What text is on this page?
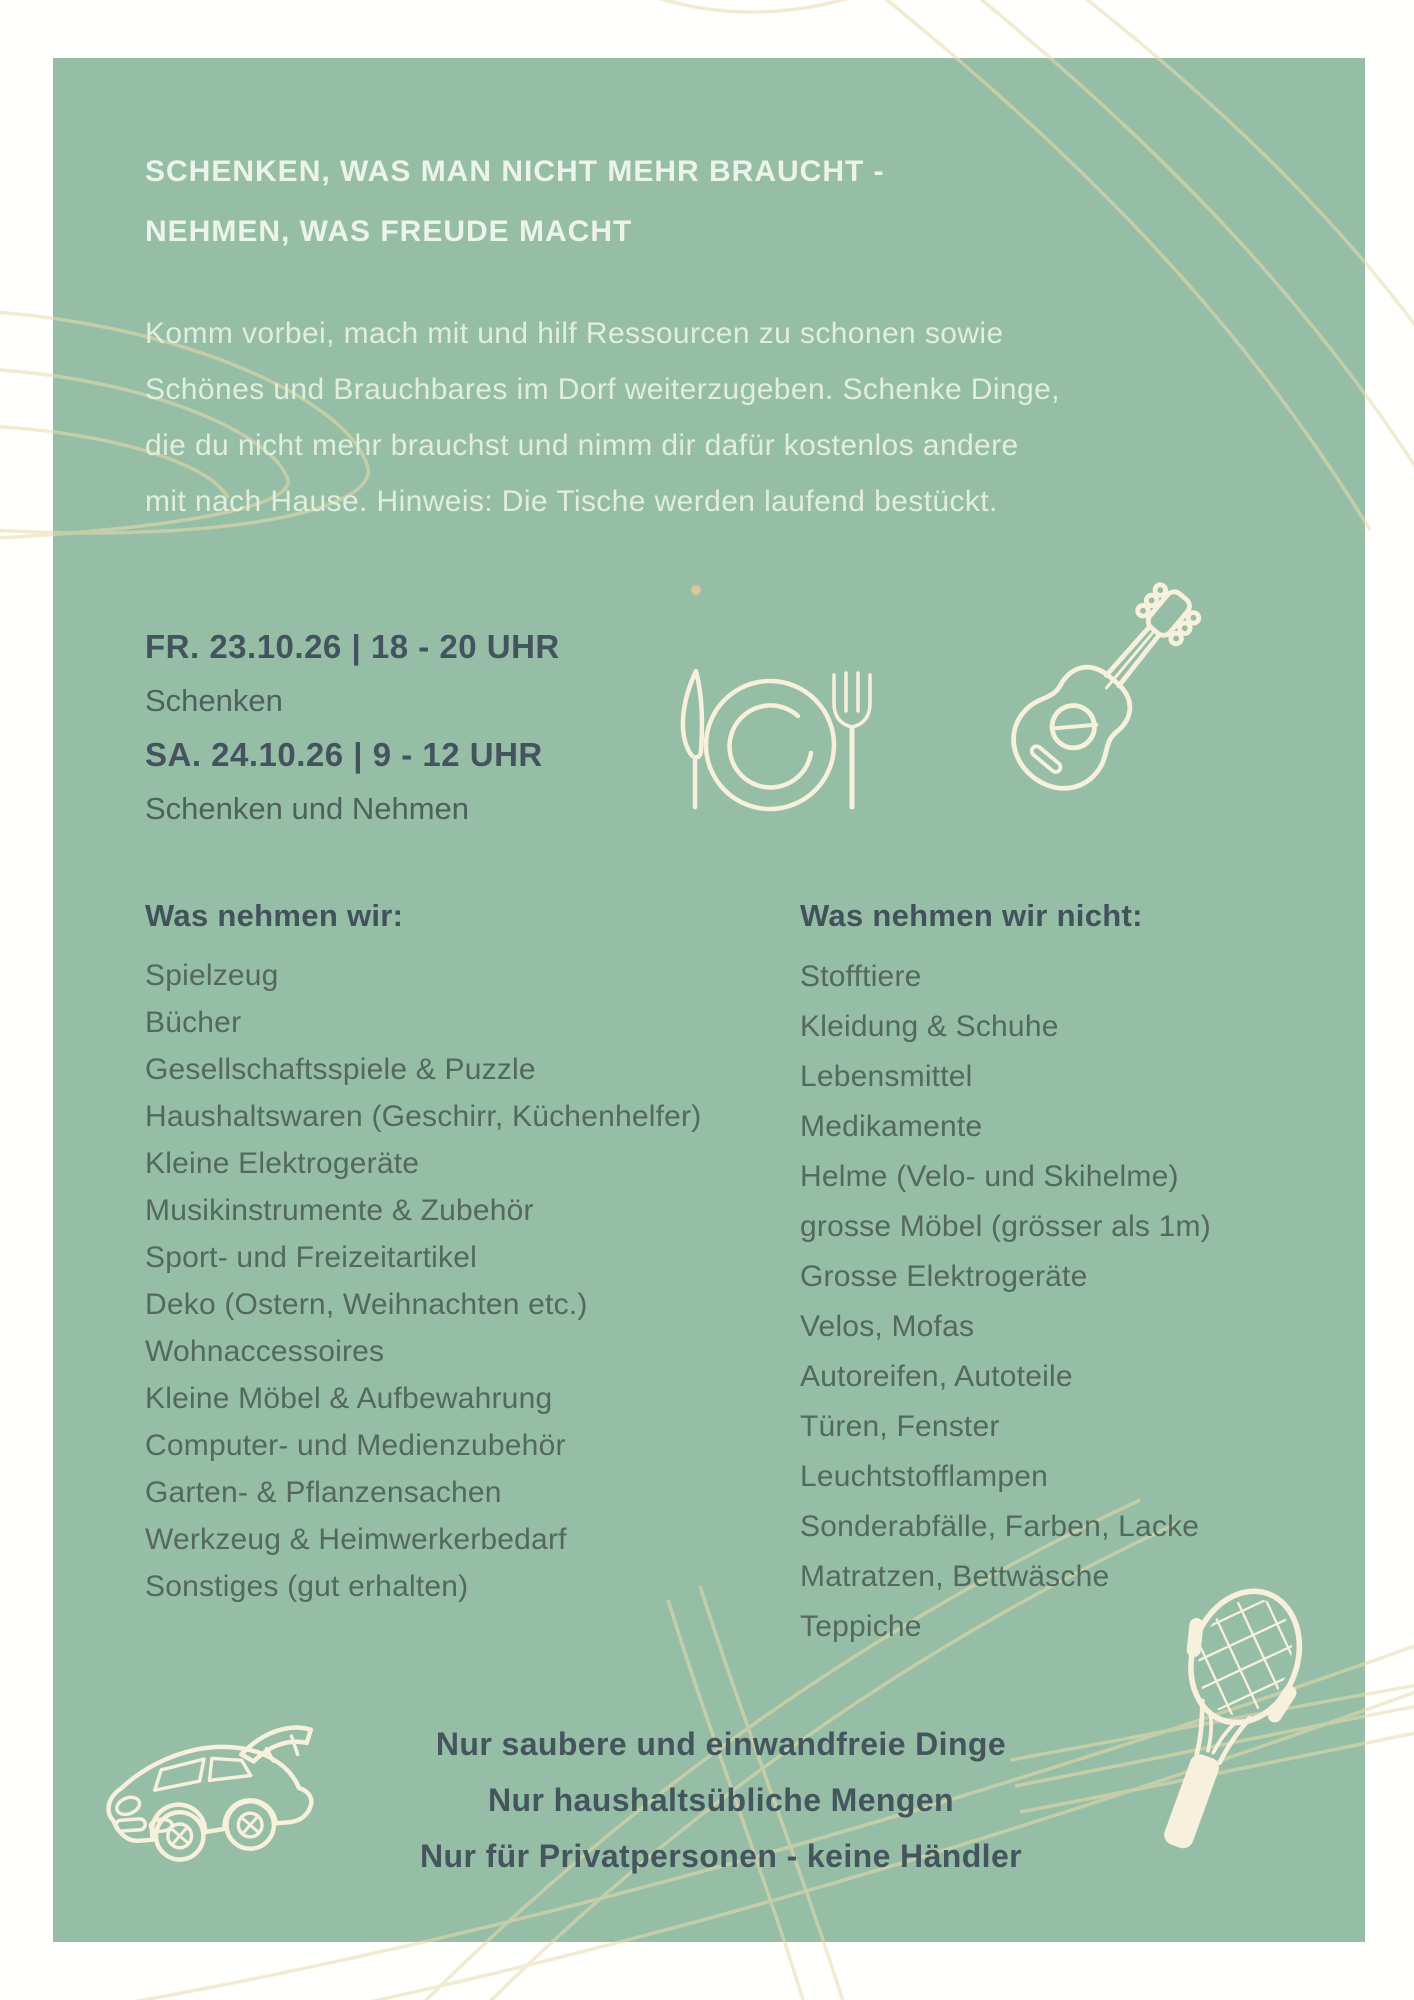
SCHENKEN, WAS MAN NICHT MEHR BRAUCHT -
NEHMEN, WAS FREUDE MACHT
Komm vorbei, mach mit und hilf Ressourcen zu schonen sowie
Schönes und Brauchbares im Dorf weiterzugeben. Schenke Dinge,
die du nicht mehr brauchst und nimm dir dafür kostenlos andere
mit nach Hause. Hinweis: Die Tische werden laufend bestückt.
FR. 23.10.26 | 18 - 20 UHR
Schenken
SA. 24.10.26 | 9 - 12 UHR
Schenken und Nehmen
Was nehmen wir:
Spielzeug
Bücher
Gesellschaftsspiele & Puzzle
Haushaltswaren (Geschirr, Küchenhelfer)
Kleine Elektrogeräte
Musikinstrumente & Zubehör
Sport- und Freizeitartikel
Deko (Ostern, Weihnachten etc.)
Wohnaccessoires
Kleine Möbel & Aufbewahrung
Computer- und Medienzubehör
Garten- & Pflanzensachen
Werkzeug & Heimwerkerbedarf
Sonstiges (gut erhalten)
Was nehmen wir nicht:
Stofftiere
Kleidung & Schuhe
Lebensmittel
Medikamente
Helme (Velo- und Skihelme)
grosse Möbel (grösser als 1m)
Grosse Elektrogeräte
Velos, Mofas
Autoreifen, Autoteile
Türen, Fenster
Leuchtstofflampen
Sonderabfälle, Farben, Lacke
Matratzen, Bettwäsche
Teppiche
Nur saubere und einwandfreie Dinge
Nur haushaltsübliche Mengen
Nur für Privatpersonen - keine Händler
